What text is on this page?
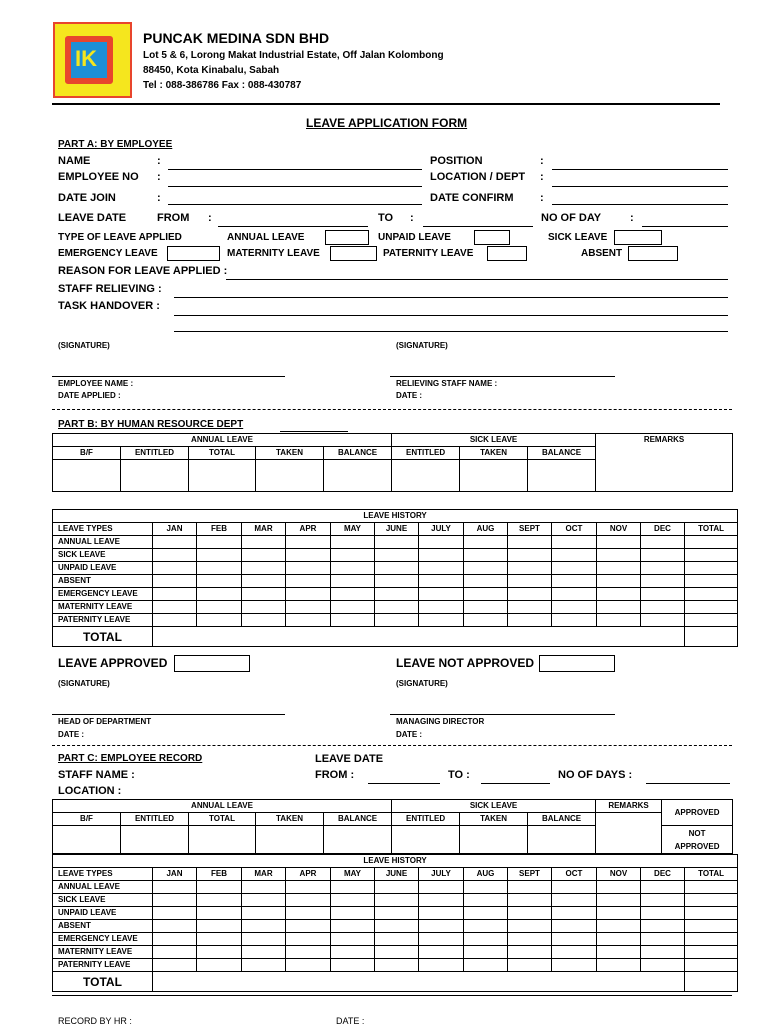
IK
PUNCAK MEDINA SDN BHD
Lot 5 & 6, Lorong Makat Industrial Estate, Off Jalan Kolombong
88450, Kota Kinabalu, Sabah
Tel : 088-386786 Fax : 088-430787
LEAVE APPLICATION FORM
PART A: BY EMPLOYEE
NAME	:	POSITION	:
EMPLOYEE NO :	LOCATION / DEPT :
DATE JOIN	:	DATE CONFIRM :
LEAVE DATE	FROM :	TO :	NO OF DAY	:
TYPE OF LEAVE APPLIED	ANNUAL LEAVE	UNPAID LEAVE	SICK LEAVE
EMERGENCY LEAVE	MATERNITY LEAVE	PATERNITY LEAVE	ABSENT
REASON FOR LEAVE APPLIED :
STAFF RELIEVING :
TASK HANDOVER :
(SIGNATURE)	(SIGNATURE)
EMPLOYEE NAME :
DATE APPLIED :
RELIEVING STAFF NAME :
DATE :
PART B: BY HUMAN RESOURCE DEPT
ANNUAL LEAVE					SICK LEAVE			REMARKS
B/F	ENTITLED	TOTAL	TAKEN	BALANCE	ENTITLED	TAKEN	BALANCE	

LEAVE HISTORY													
LEAVE TYPES	JAN	FEB	MAR	APR	MAY	JUNE	JULY	AUG	SEPT	OCT	NOV	DEC	TOTAL
ANNUAL LEAVE													
SICK LEAVE													
UNPAID LEAVE													
ABSENT													
EMERGENCY LEAVE													
MATERNITY LEAVE													
PATERNITY LEAVE													
TOTAL													
LEAVE APPROVED	LEAVE NOT APPROVED
(SIGNATURE)	(SIGNATURE)
HEAD OF DEPARTMENT
DATE :
MANAGING DIRECTOR
DATE :
PART C: EMPLOYEE RECORD
STAFF NAME :
LOCATION :
LEAVE DATE
FROM :	TO :	NO OF DAYS :
ANNUAL LEAVE					SICK LEAVE			REMARKS	APPROVED
B/F	ENTITLED	TOTAL	TAKEN	BALANCE	ENTITLED	TAKEN	BALANCE		

									NOT
APPROVED
LEAVE HISTORY													
LEAVE TYPES	JAN	FEB	MAR	APR	MAY	JUNE	JULY	AUG	SEPT	OCT	NOV	DEC	TOTAL
ANNUAL LEAVE													
SICK LEAVE													
UNPAID LEAVE													
ABSENT													
EMERGENCY LEAVE													
MATERNITY LEAVE													
PATERNITY LEAVE													
TOTAL													
RECORD BY HR :	DATE :
